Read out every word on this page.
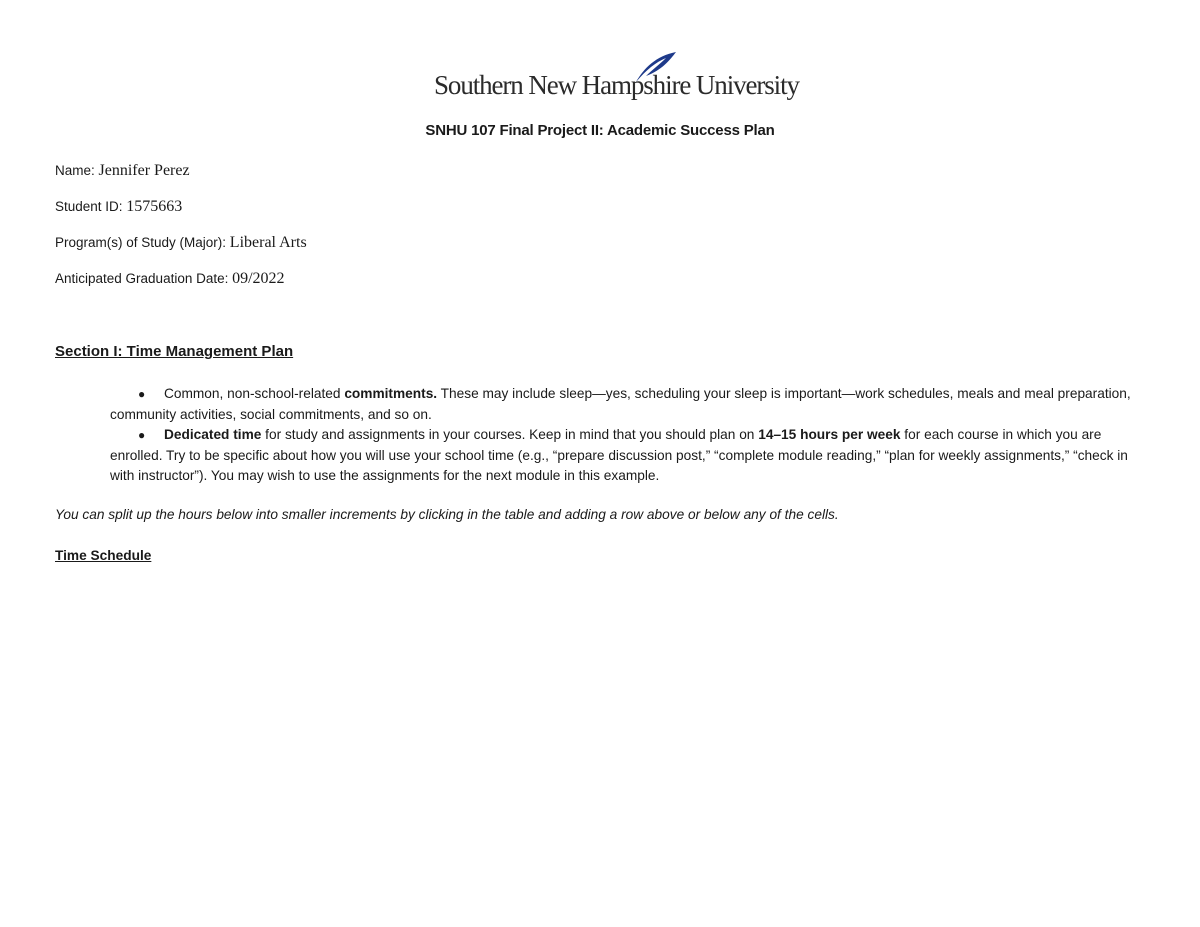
Southern New Hampshire University
SNHU 107 Final Project II: Academic Success Plan
Name: Jennifer Perez
Student ID: 1575663
Program(s) of Study (Major): Liberal Arts
Anticipated Graduation Date: 09/2022
Section I: Time Management Plan
●	Common, non-school-related commitments. These may include sleep—yes, scheduling your sleep is important—work schedules, meals and meal preparation, community activities, social commitments, and so on.

●	Dedicated time for study and assignments in your courses. Keep in mind that you should plan on 14–15 hours per week for each course in which you are enrolled. Try to be specific about how you will use your school time (e.g., “prepare discussion post,” “complete module reading,” “plan for weekly assignments,” “check in with instructor”). You may wish to use the assignments for the next module in this example.

You can split up the hours below into smaller increments by clicking in the table and adding a row above or below any of the cells.
Time Schedule
